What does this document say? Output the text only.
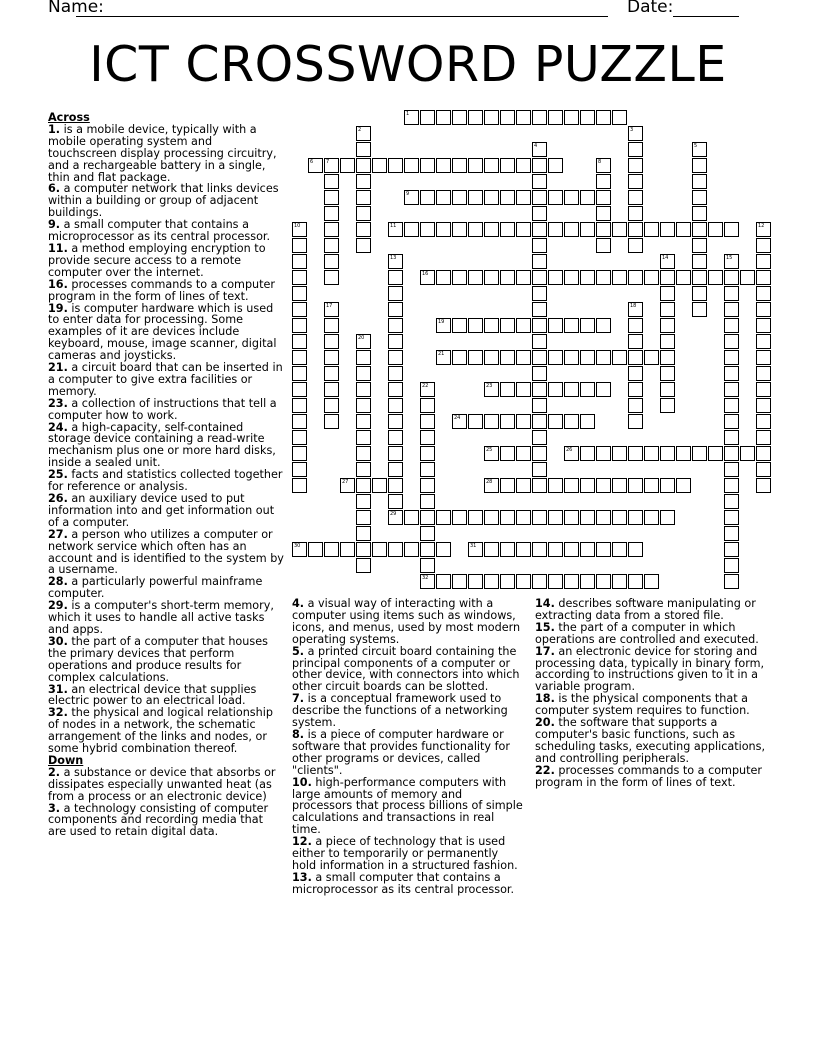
Name:	Date:
ICT CROSSWORD PUZZLE
1
2	3
4	5
6	7	8
9
10	11	12
13	14	15
16
17	18
19
20
21
22
32
23
24
25	26
27	28
29
30	31

Across

1. is a mobile device, typically with a mobile operating system and touchscreen display processing circuitry, and a rechargeable battery in a single, thin and flat package.

6. a computer network that links devices within a building or group of adjacent buildings.

9. a small computer that contains a microprocessor as its central processor.

11. a method employing encryption to provide secure access to a remote computer over the internet.

16. processes commands to a computer program in the form of lines of text.

19. is computer hardware which is used to enter data for processing. Some examples of it are devices include keyboard, mouse, image scanner, digital cameras and joysticks.

21. a circuit board that can be inserted in a computer to give extra facilities or memory.

23. a collection of instructions that tell a computer how to work.

24. a high-capacity, self-contained storage device containing a read-write mechanism plus one or more hard disks, inside a sealed unit.

25. facts and statistics collected together for reference or analysis.

26. an auxiliary device used to put information into and get information out of a computer.

27. a person who utilizes a computer or network service which often has an account and is identified to the system by a username.

28. a particularly powerful mainframe computer.

29. is a computer's short-term memory, which it uses to handle all active tasks and apps.

30. the part of a computer that houses the primary devices that perform operations and produce results for complex calculations.

31. an electrical device that supplies electric power to an electrical load.

32. the physical and logical relationship of nodes in a network, the schematic arrangement of the links and nodes, or some hybrid combination thereof.

Down

2. a substance or device that absorbs or dissipates especially unwanted heat (as from a process or an electronic device)

3. a technology consisting of computer components and recording media that are used to retain digital data.

4. a visual way of interacting with a computer using items such as windows, icons, and menus, used by most modern operating systems.

5. a printed circuit board containing the principal components of a computer or other device, with connectors into which other circuit boards can be slotted.

7. is a conceptual framework used to describe the functions of a networking system.

8. is a piece of computer hardware or software that provides functionality for other programs or devices, called "clients".

10. high-performance computers with large amounts of memory and processors that process billions of simple calculations and transactions in real time.

12. a piece of technology that is used either to temporarily or permanently hold information in a structured fashion.

13. a small computer that contains a microprocessor as its central processor.

14. describes software manipulating or extracting data from a stored file.

15. the part of a computer in which operations are controlled and executed.

17. an electronic device for storing and processing data, typically in binary form, according to instructions given to it in a variable program.

18. is the physical components that a computer system requires to function.

20. the software that supports a computer's basic functions, such as scheduling tasks, executing applications, and controlling peripherals.

22. processes commands to a computer program in the form of lines of text.
